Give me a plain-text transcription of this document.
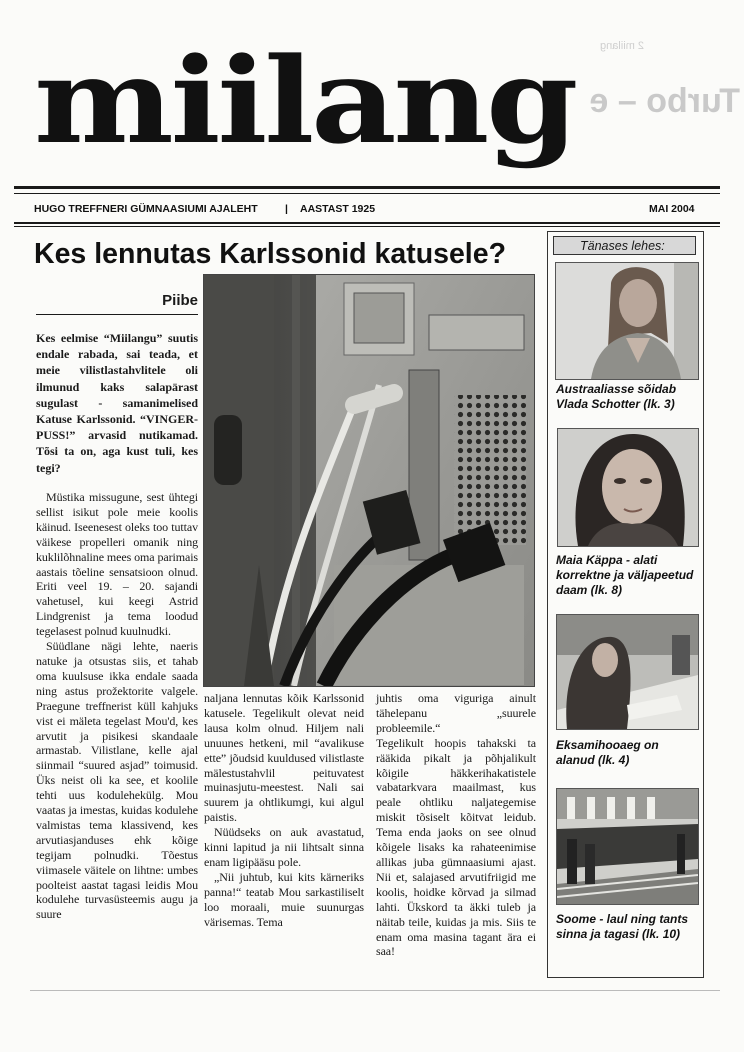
Turbo – e
2 miilang
miilang
HUGO TREFFNERI GÜMNAASIUMI AJALEHT	| AASTAST 1925	MAI 2004
Kes lennutas Karlssonid katusele?
Piibe
Kes eelmise “Miilangu” suutis endale rabada, sai teada, et meie vilistlastahvlitele oli ilmunud kaks salapärast sugulast - samanimelised Katuse Karlssonid. “VINGER-PUSS!” arvasid nutikamad. Tõsi ta on, aga kust tuli, kes tegi?

Müstika missugune, sest ühtegi sellist isikut pole meie koolis käinud. Iseenesest oleks too tuttav väikese propelleri omanik ning kuklilõhnaline mees oma parimais aastais tõeline sensatsioon olnud. Eriti veel 19. – 20. sajandi vahetusel, kui keegi Astrid Lindgrenist ja tema loodud tegelasest polnud kuulnudki.

Süüdlane nägi lehte, naeris natuke ja otsustas siis, et tahab oma kuulsuse ikka endale saada ning astus prožektorite valgele. Praegune treffnerist küll kahjuks vist ei mäleta tegelast Mou'd, kes arvutit ja pisikesi skandaale armastab. Vilistlane, kelle ajal siinmail “suured asjad” toimusid. Üks neist oli ka see, et koolile tehti uus kodulehekülg. Mou vaatas ja imestas, kuidas kodulehe valmistas tema klassivend, kes arvutiasjanduses ehk kõige tegijam polnudki. Tõestus viimasele väitele on lihtne: umbes poolteist aastat tagasi leidis Mou kodulehe turvasüsteemis augu ja suure

naljana lennutas kõik Karlssonid katusele. Tegelikult olevat neid lausa kolm olnud. Hiljem nali unuunes hetkeni, mil “avalikuse ette” jõudsid kuuldused vilistlaste mälestustahvlil peituvatest muinasjutu-meestest. Nali sai suurem ja ohtlikumgi, kui algul paistis.

Nüüdseks on auk avastatud, kinni lapitud ja nii lihtsalt sinna enam ligipääsu pole.

„Nii juhtub, kui kits kärneriks panna!“ teatab Mou sarkastiliselt loo moraali, muie suunurgas värisemas. Tema

juhtis oma viguriga ainult tähelepanu „suurele probleemile.“

Tegelikult hoopis tahakski ta rääkida pikalt ja põhjalikult kõigile häkkerihakatistele vabatarkvara maailmast, kus peale ohtliku naljategemise miskit tõsiselt kõitvat leidub. Tema enda jaoks on see olnud kõigele lisaks ka rahateenimise allikas juba gümnaasiumi ajast. Nii et, salajased arvutifriigid me koolis, hoidke kõrvad ja silmad lahti. Ükskord ta äkki tuleb ja näitab teile, kuidas ja mis. Siis te enam oma masina tagant ära ei saa!

Tänases lehes:
Austraaliasse sõidab Vlada Schotter (lk. 3)
Maia Käppa - alati korrektne ja väljapeetud daam (lk. 8)
Eksamihooaeg on alanud (lk. 4)
Soome - laul ning tants sinna ja tagasi (lk. 10)
